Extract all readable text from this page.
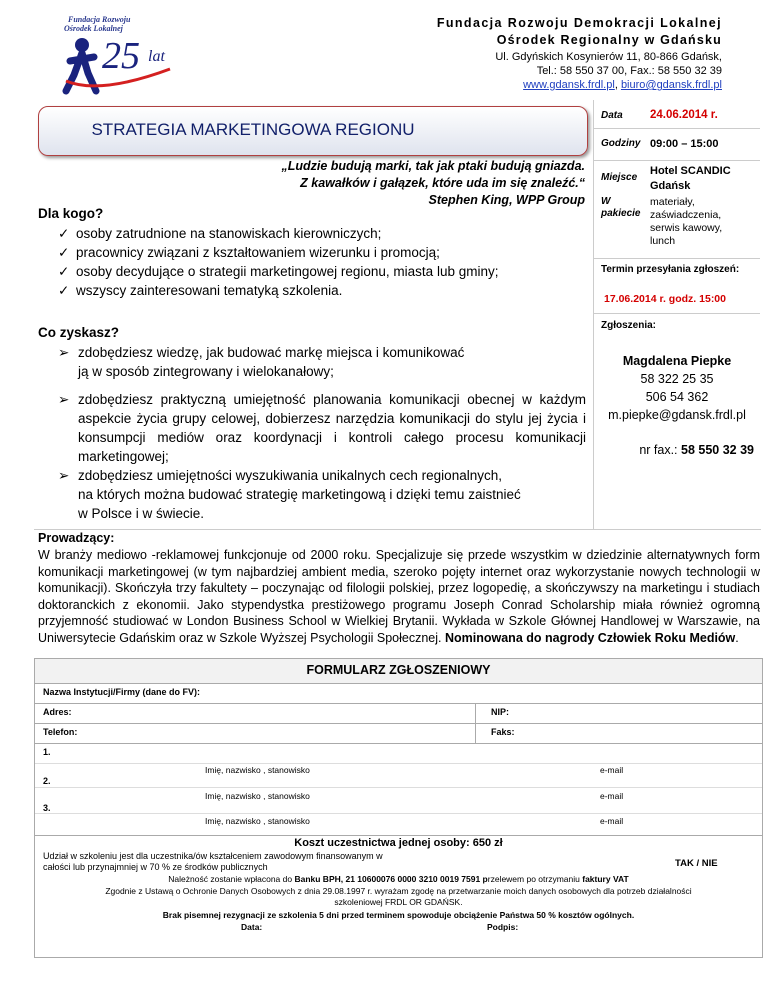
Fundacja Rozwoju
Ośrodek Lokalnej
25 lat
Fundacja Rozwoju Demokracji Lokalnej
Ośrodek Regionalny w Gdańsku
Ul. Gdyńskich Kosynierów 11, 80-866 Gdańsk,
Tel.: 58 550 37 00, Fax.: 58 550 32 39
www.gdansk.frdl.pl, biuro@gdansk.frdl.pl
STRATEGIA MARKETINGOWA REGIONU
„Ludzie budują marki, tak jak ptaki budują gniazda.
Z kawałków i gałązek, które uda im się znaleźć.“
Stephen King, WPP Group
Dla kogo?
✓ osoby zatrudnione na stanowiskach kierowniczych;
✓ pracownicy związani z kształtowaniem wizerunku i promocją;
✓ osoby decydujące o strategii marketingowej regionu, miasta lub gminy;
✓ wszyscy zainteresowani tematyką szkolenia.
Co zyskasz?
➢ zdobędziesz wiedzę, jak budować markę miejsca i komunikować
ją w sposób zintegrowany i wielokanałowy;
➢ zdobędziesz praktyczną umiejętność planowania komunikacji obecnej w każdym aspekcie życia grupy celowej, dobierzesz narzędzia komunikacji do stylu jej życia i konsumpcji mediów oraz koordynacji i kontroli całego procesu komunikacji marketingowej;
➢ zdobędziesz umiejętności wyszukiwania unikalnych cech regionalnych,
na których można budować strategię marketingową i dzięki temu zaistnieć
w Polsce i w świecie.
Data 24.06.2014 r.
Godziny 09:00 – 15:00
Miejsce
Hotel SCANDIC
Gdańsk
W
pakiecie
materiały, zaświadczenia, serwis kawowy, lunch
Termin przesyłania zgłoszeń:
17.06.2014 r. godz. 15:00
Zgłoszenia:
Magdalena Piepke
58 322 25 35
506 54 362
m.piepke@gdansk.frdl.pl
nr fax.: 58 550 32 39
Prowadzący:
W branży mediowo -reklamowej funkcjonuje od 2000 roku. Specjalizuje się przede wszystkim w dziedzinie alternatywnych form komunikacji marketingowej (w tym najbardziej ambient media, szeroko pojęty internet oraz wykorzystanie nowych technologii w komunikacji). Skończyła trzy fakultety – poczynając od filologii polskiej, przez logopedię, a skończywszy na marketingu i studiach doktoranckich z ekonomii. Jako stypendystka prestiżowego programu Joseph Conrad Scholarship miała również ogromną przyjemność studiować w London Business School w Wielkiej Brytanii. Wykłada w Szkole Głównej Handlowej w Warszawie, na Uniwersytecie Gdańskim oraz w Szkole Wyższej Psychologii Społecznej. Nominowana do nagrody Człowiek Roku Mediów.
FORMULARZ ZGŁOSZENIOWY
Nazwa Instytucji/Firmy (dane do FV):
Adres:	NIP:
Telefon:	Faks:
1.
Imię, nazwisko , stanowisko	e-mail
2.
Imię, nazwisko , stanowisko	e-mail
3.
Imię, nazwisko , stanowisko	e-mail
Koszt uczestnictwa jednej osoby: 650 zł
Udział w szkoleniu jest dla uczestnika/ów kształceniem zawodowym finansowanym w
całości lub przynajmniej w 70 % ze środków publicznych	TAK / NIE
Należność zostanie wpłacona do Banku BPH, 21 10600076 0000 3210 0019 7591 przelewem po otrzymaniu faktury VAT
Zgodnie z Ustawą o Ochronie Danych Osobowych z dnia 29.08.1997 r. wyrażam zgodę na przetwarzanie moich danych osobowych dla potrzeb działalności
szkoleniowej FRDL OR GDAŃSK.
Brak pisemnej rezygnacji ze szkolenia 5 dni przed terminem spowoduje obciążenie Państwa 50 % kosztów ogólnych.
Data:	Podpis:
